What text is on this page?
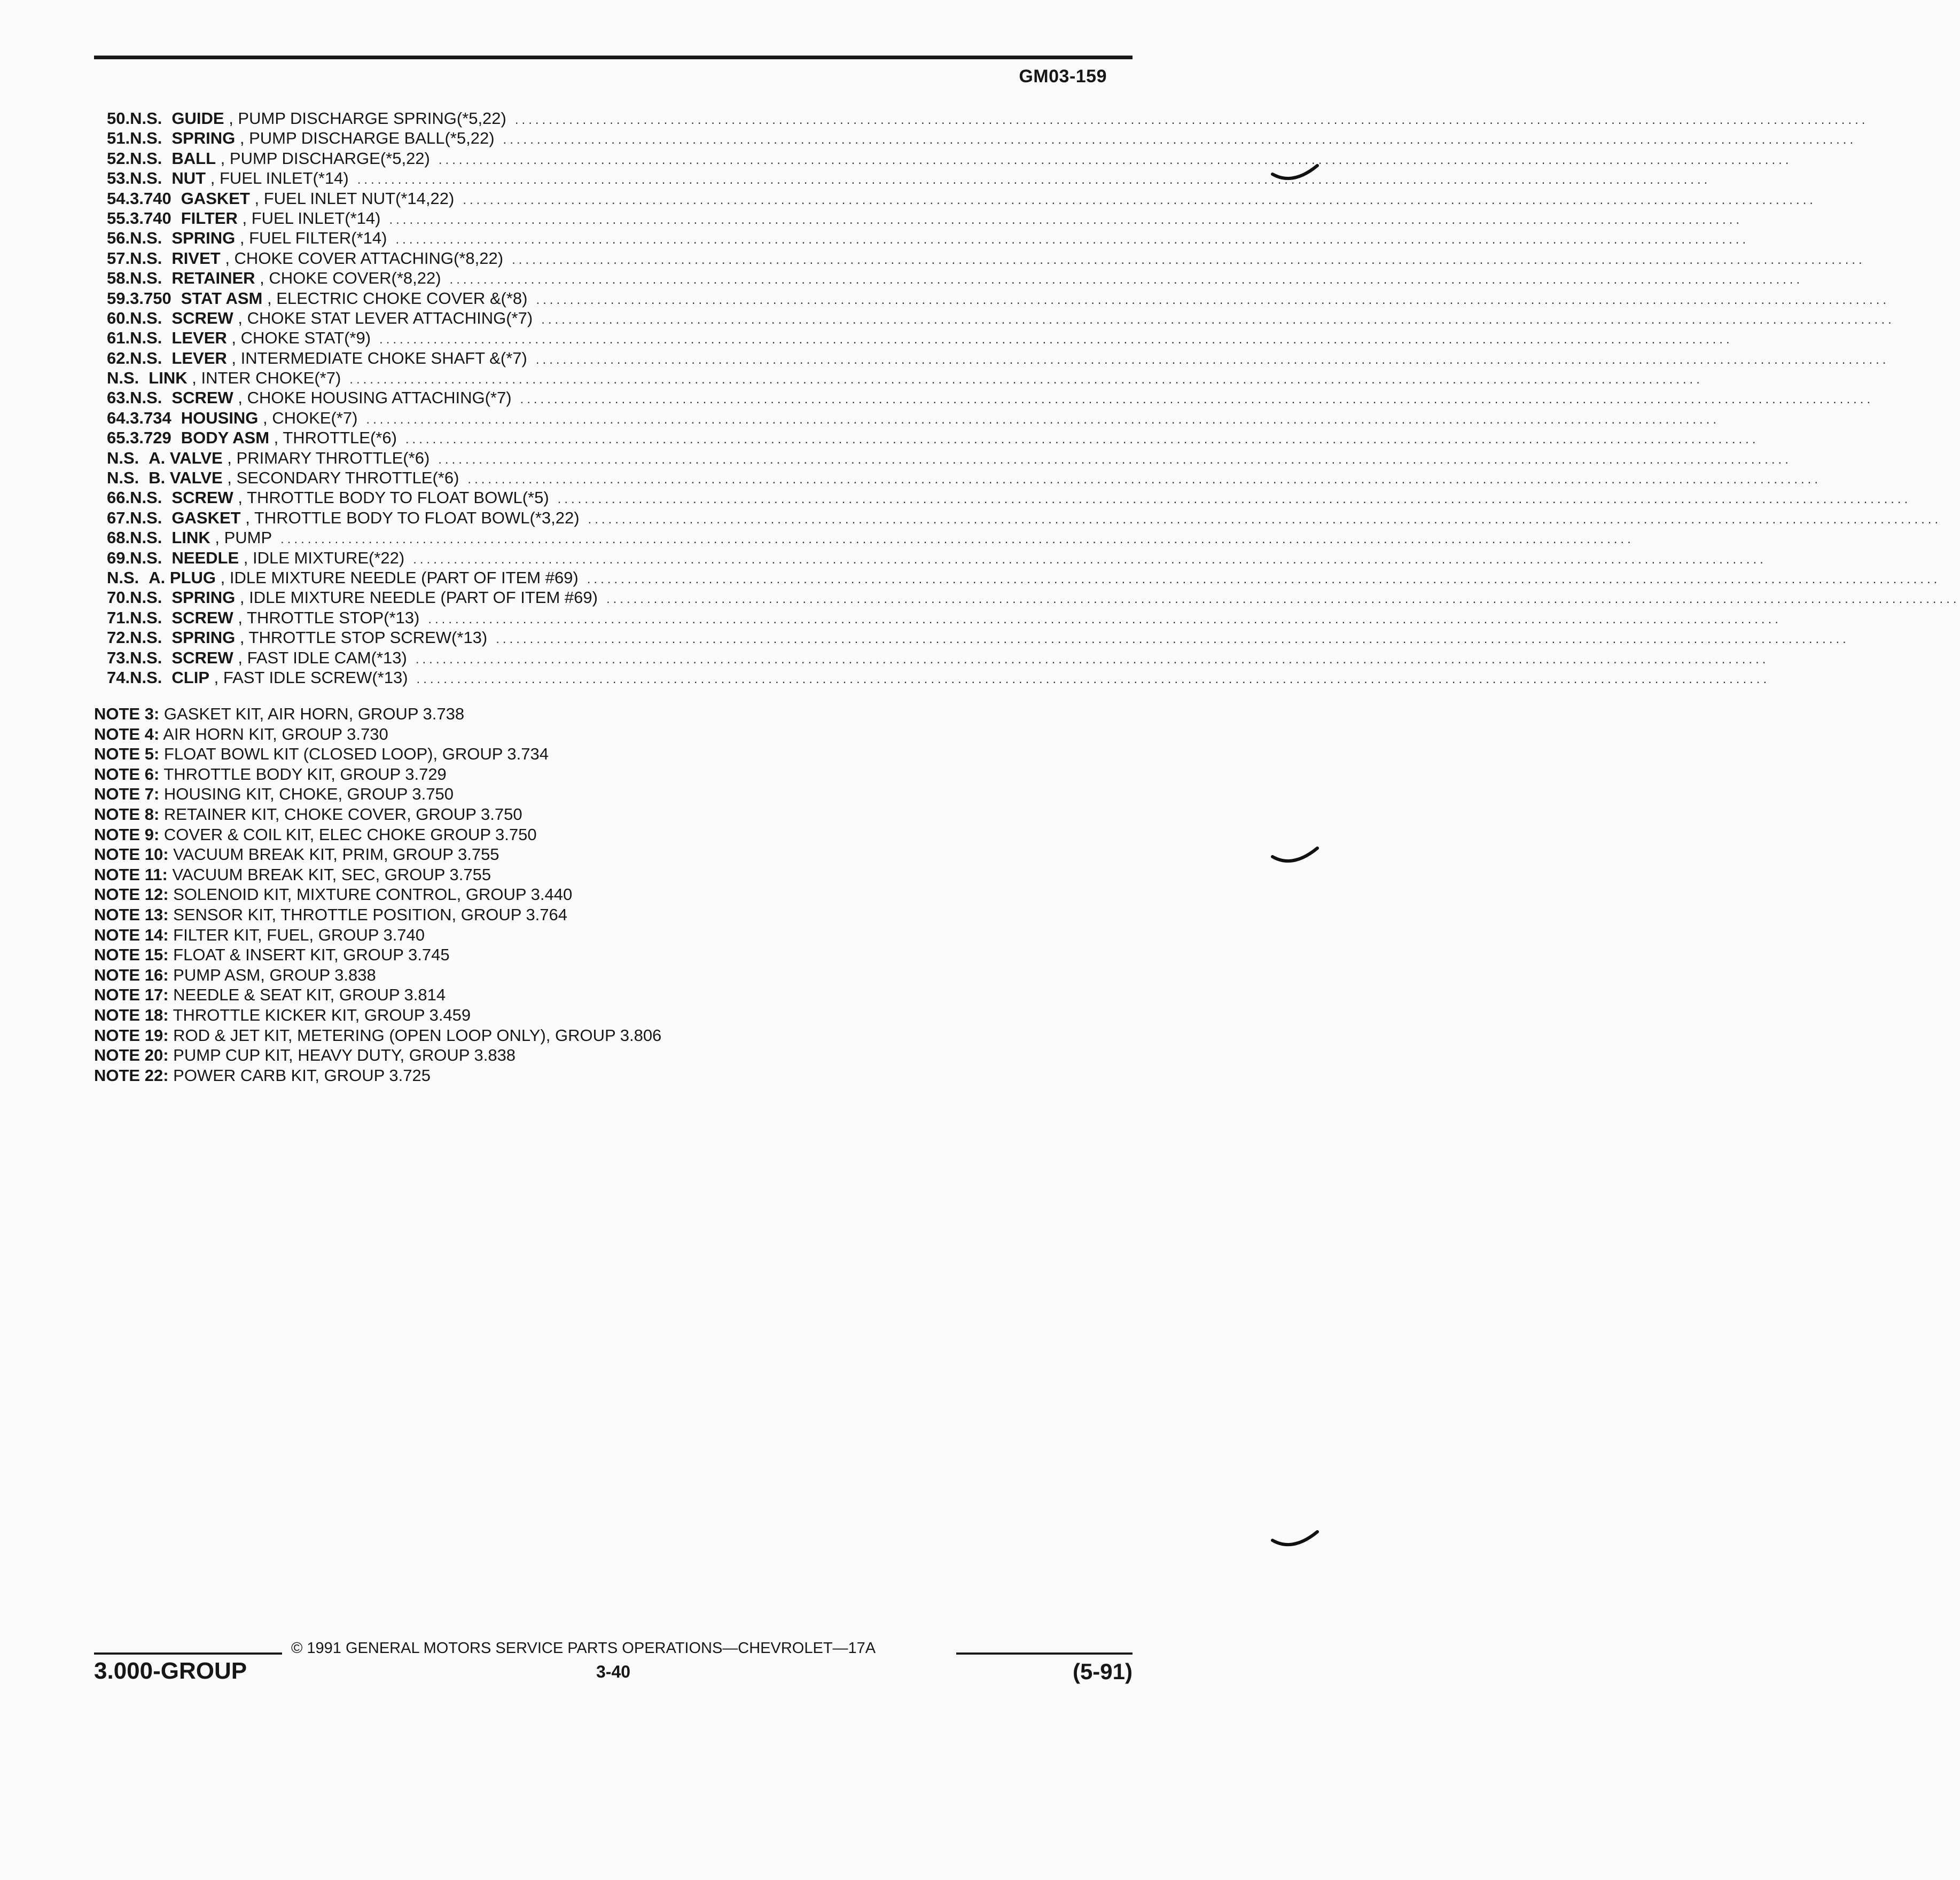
GM03-159
50. N.S. GUIDE , PUMP DISCHARGE SPRING(*5,22) ........................................................................................................................................................................................................
51. N.S. SPRING , PUMP DISCHARGE BALL(*5,22) ........................................................................................................................................................................................................
52. N.S. BALL , PUMP DISCHARGE(*5,22) ........................................................................................................................................................................................................
53. N.S. NUT , FUEL INLET(*14) ........................................................................................................................................................................................................
54. 3.740 GASKET , FUEL INLET NUT(*14,22) ........................................................................................................................................................................................................
55. 3.740 FILTER , FUEL INLET(*14) ........................................................................................................................................................................................................
56. N.S. SPRING , FUEL FILTER(*14) ........................................................................................................................................................................................................
57. N.S. RIVET , CHOKE COVER ATTACHING(*8,22) ........................................................................................................................................................................................................
58. N.S. RETAINER , CHOKE COVER(*8,22) ........................................................................................................................................................................................................
59. 3.750 STAT ASM , ELECTRIC CHOKE COVER &(*8) ........................................................................................................................................................................................................
60. N.S. SCREW , CHOKE STAT LEVER ATTACHING(*7) ........................................................................................................................................................................................................
61. N.S. LEVER , CHOKE STAT(*9) ........................................................................................................................................................................................................
62. N.S. LEVER , INTERMEDIATE CHOKE SHAFT &(*7) ........................................................................................................................................................................................................
N.S. LINK , INTER CHOKE(*7) ........................................................................................................................................................................................................
63. N.S. SCREW , CHOKE HOUSING ATTACHING(*7) ........................................................................................................................................................................................................
64. 3.734 HOUSING , CHOKE(*7) ........................................................................................................................................................................................................
65. 3.729 BODY ASM , THROTTLE(*6) ........................................................................................................................................................................................................
N.S. A. VALVE , PRIMARY THROTTLE(*6) ........................................................................................................................................................................................................
N.S. B. VALVE , SECONDARY THROTTLE(*6) ........................................................................................................................................................................................................
66. N.S. SCREW , THROTTLE BODY TO FLOAT BOWL(*5) ........................................................................................................................................................................................................
67. N.S. GASKET , THROTTLE BODY TO FLOAT BOWL(*3,22) ........................................................................................................................................................................................................
68. N.S. LINK , PUMP ........................................................................................................................................................................................................
69. N.S. NEEDLE , IDLE MIXTURE(*22) ........................................................................................................................................................................................................
N.S. A. PLUG , IDLE MIXTURE NEEDLE (PART OF ITEM #69) ........................................................................................................................................................................................................
70. N.S. SPRING , IDLE MIXTURE NEEDLE (PART OF ITEM #69) ........................................................................................................................................................................................................
71. N.S. SCREW , THROTTLE STOP(*13) ........................................................................................................................................................................................................
72. N.S. SPRING , THROTTLE STOP SCREW(*13) ........................................................................................................................................................................................................
73. N.S. SCREW , FAST IDLE CAM(*13) ........................................................................................................................................................................................................
74. N.S. CLIP , FAST IDLE SCREW(*13) ........................................................................................................................................................................................................
NOTE 3: GASKET KIT, AIR HORN, GROUP 3.738
NOTE 4: AIR HORN KIT, GROUP 3.730
NOTE 5: FLOAT BOWL KIT (CLOSED LOOP), GROUP 3.734
NOTE 6: THROTTLE BODY KIT, GROUP 3.729
NOTE 7: HOUSING KIT, CHOKE, GROUP 3.750
NOTE 8: RETAINER KIT, CHOKE COVER, GROUP 3.750
NOTE 9: COVER & COIL KIT, ELEC CHOKE GROUP 3.750
NOTE 10: VACUUM BREAK KIT, PRIM, GROUP 3.755
NOTE 11: VACUUM BREAK KIT, SEC, GROUP 3.755
NOTE 12: SOLENOID KIT, MIXTURE CONTROL, GROUP 3.440
NOTE 13: SENSOR KIT, THROTTLE POSITION, GROUP 3.764
NOTE 14: FILTER KIT, FUEL, GROUP 3.740
NOTE 15: FLOAT & INSERT KIT, GROUP 3.745
NOTE 16: PUMP ASM, GROUP 3.838
NOTE 17: NEEDLE & SEAT KIT, GROUP 3.814
NOTE 18: THROTTLE KICKER KIT, GROUP 3.459
NOTE 19: ROD & JET KIT, METERING (OPEN LOOP ONLY), GROUP 3.806
NOTE 20: PUMP CUP KIT, HEAVY DUTY, GROUP 3.838
NOTE 22: POWER CARB KIT, GROUP 3.725
© 1991 GENERAL MOTORS SERVICE PARTS OPERATIONS—CHEVROLET—17A
3.000-GROUP	3-40	(5-91)
